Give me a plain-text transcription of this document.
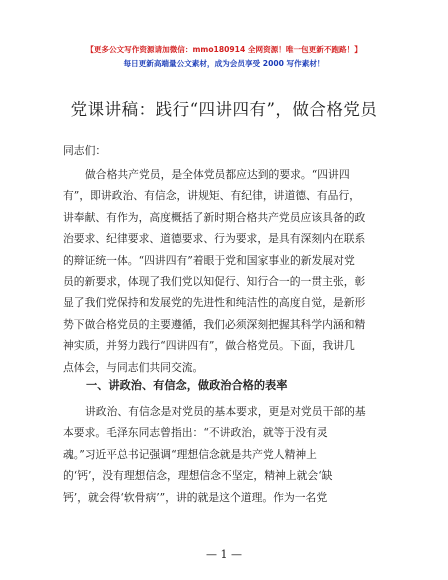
【更多公文写作资源请加微信：mmo180914 全网资源！唯一包更新不跑路！】
每日更新高端量公文素材，成为会员享受 2000 写作素材！
党课讲稿：践行“四讲四有”，做合格党员
同志们：
做合格共产党员，是全体党员都应达到的要求。“四讲四
有”，即讲政治、有信念，讲规矩、有纪律，讲道德、有品行，
讲奉献、有作为，高度概括了新时期合格共产党员应该具备的政
治要求、纪律要求、道德要求、行为要求，是具有深刻内在联系
的辩证统一体。“四讲四有”着眼于党和国家事业的新发展对党
员的新要求，体现了我们党以知促行、知行合一的一贯主张，彰
显了我们党保持和发展党的先进性和纯洁性的高度自觉，是新形
势下做合格党员的主要遵循，我们必须深刻把握其科学内涵和精
神实质，并努力践行“四讲四有”，做合格党员。下面，我讲几
点体会，与同志们共同交流。
一、讲政治、有信念，做政治合格的表率
讲政治、有信念是对党员的基本要求，更是对党员干部的基
本要求。毛泽东同志曾指出：“不讲政治，就等于没有灵
魂。”习近平总书记强调“理想信念就是共产党人精神上
的‘钙’，没有理想信念，理想信念不坚定，精神上就会‘缺
钙’，就会得‘软骨病’”，讲的就是这个道理。作为一名党
— 1 —
